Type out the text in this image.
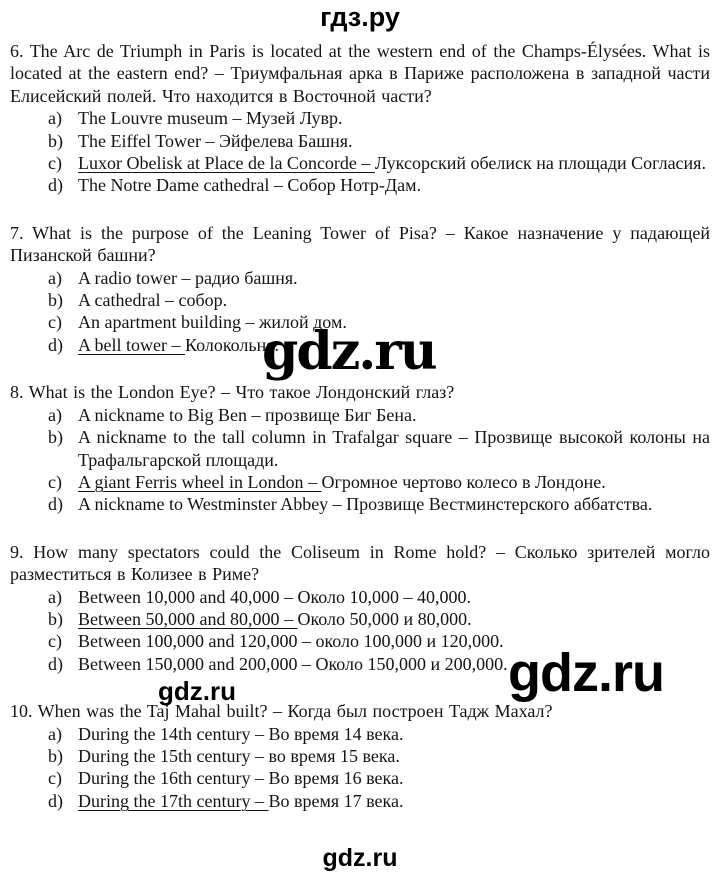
гдз.ру
6. The Arc de Triumph in Paris is located at the western end of the Champs-Élysées. What is located at the eastern end? – Триумфальная арка в Париже расположена в западной части Елисейский полей. Что находится в Восточной части?
a) The Louvre museum – Музей Лувр.
b) The Eiffel Tower – Эйфелева Башня.
c) Luxor Obelisk at Place de la Concorde – Луксорский обелиск на площади Согласия.
d) The Notre Dame cathedral – Собор Нотр-Дам.
7. What is the purpose of the Leaning Tower of Pisa? – Какое назначение у падающей Пизанской башни?
a) A radio tower – радио башня.
b) A cathedral – собор.
c) An apartment building – жилой дом.
d) A bell tower – Колокольня.
8. What is the London Eye? – Что такое Лондонский глаз?
a) A nickname to Big Ben – прозвище Биг Бена.
b) A nickname to the tall column in Trafalgar square – Прозвище высокой колоны на Трафальгарской площади.
c) A giant Ferris wheel in London – Огромное чертово колесо в Лондоне.
d) A nickname to Westminster Abbey – Прозвище Вестминстерского аббатства.
9. How many spectators could the Coliseum in Rome hold? – Сколько зрителей могло разместиться в Колизее в Риме?
a) Between 10,000 and 40,000 – Около 10,000 – 40,000.
b) Between 50,000 and 80,000 – Около 50,000 и 80,000.
c) Between 100,000 and 120,000 – около 100,000 и 120,000.
d) Between 150,000 and 200,000 – Около 150,000 и 200,000.
10. When was the Taj Mahal built? – Когда был построен Тадж Махал?
a) During the 14th century – Во время 14 века.
b) During the 15th century – во время 15 века.
c) During the 16th century – Во время 16 века.
d) During the 17th century – Во время 17 века.
gdz.ru
gdz.ru
gdz.ru
gdz.ru
